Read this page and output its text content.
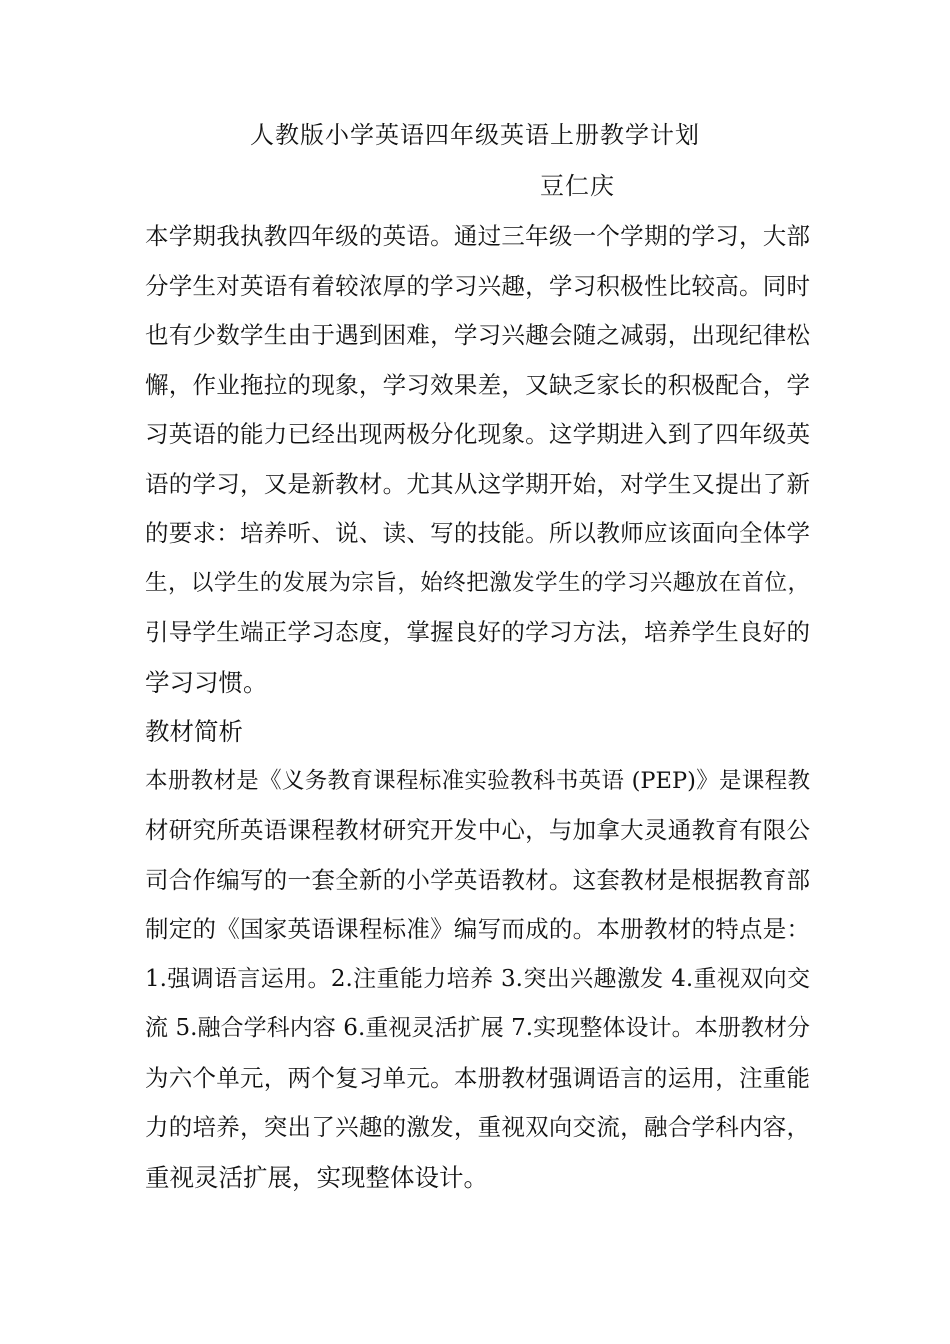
人教版小学英语四年级英语上册教学计划
豆仁庆
本学期我执教四年级的英语。通过三年级一个学期的学习，大部
分学生对英语有着较浓厚的学习兴趣，学习积极性比较高。同时
也有少数学生由于遇到困难，学习兴趣会随之减弱，出现纪律松
懈，作业拖拉的现象，学习效果差，又缺乏家长的积极配合，学
习英语的能力已经出现两极分化现象。这学期进入到了四年级英
语的学习，又是新教材。尤其从这学期开始，对学生又提出了新
的要求：培养听、说、读、写的技能。所以教师应该面向全体学
生，以学生的发展为宗旨，始终把激发学生的学习兴趣放在首位，
引导学生端正学习态度，掌握良好的学习方法，培养学生良好的
学习习惯。
教材简析
本册教材是《义务教育课程标准实验教科书英语 (PEP)》是课程教
材研究所英语课程教材研究开发中心，与加拿大灵通教育有限公
司合作编写的一套全新的小学英语教材。这套教材是根据教育部
制定的《国家英语课程标准》编写而成的。本册教材的特点是：
1.强调语言运用。2.注重能力培养 3.突出兴趣激发 4.重视双向交
流 5.融合学科内容 6.重视灵活扩展 7.实现整体设计。本册教材分
为六个单元，两个复习单元。本册教材强调语言的运用，注重能
力的培养，突出了兴趣的激发，重视双向交流，融合学科内容，
重视灵活扩展，实现整体设计。
